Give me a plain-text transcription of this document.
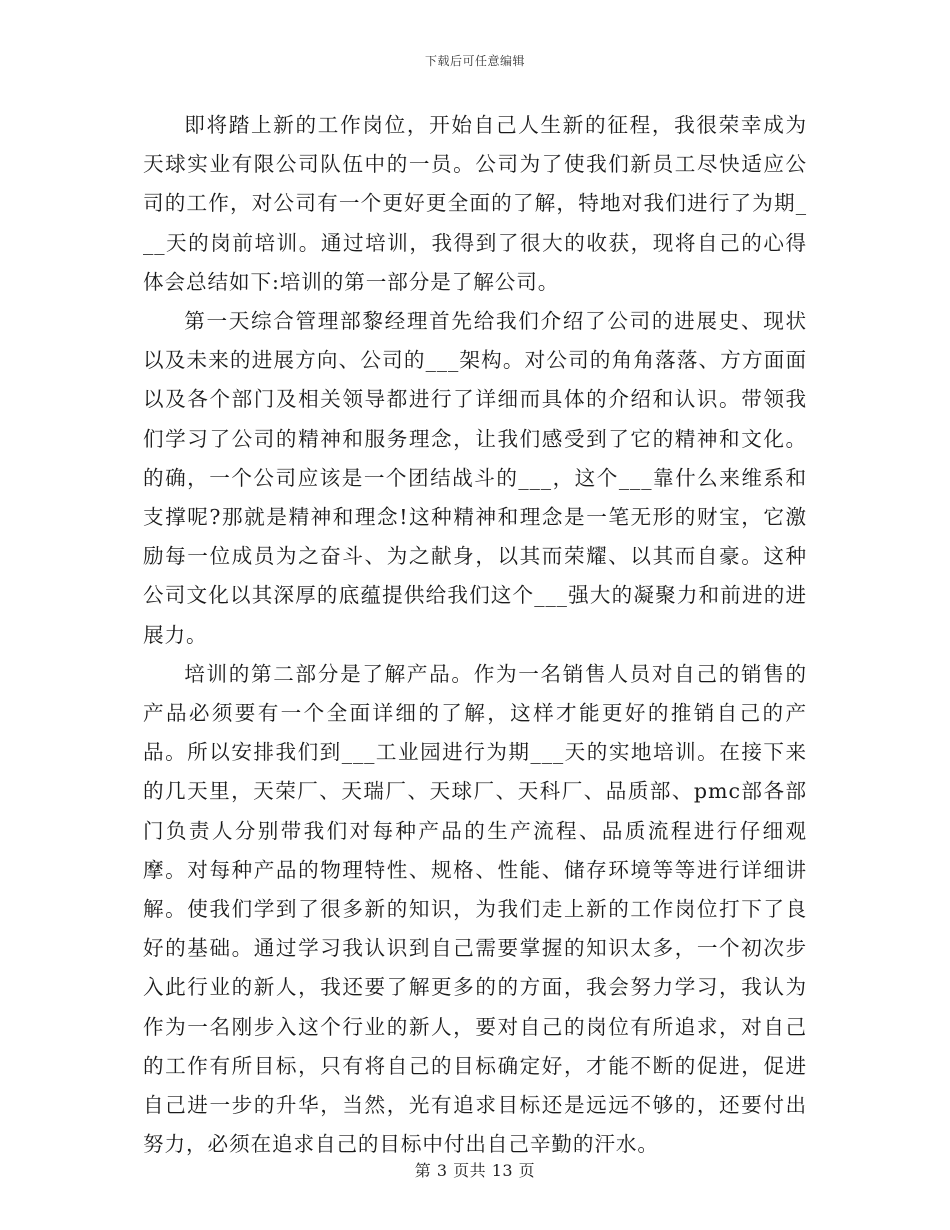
下载后可任意编辑

即将踏上新的工作岗位，开始自己人生新的征程，我很荣幸成为天球实业有限公司队伍中的一员。公司为了使我们新员工尽快适应公司的工作，对公司有一个更好更全面的了解，特地对我们进行了为期___天的岗前培训。通过培训，我得到了很大的收获，现将自己的心得体会总结如下:培训的第一部分是了解公司。

第一天综合管理部黎经理首先给我们介绍了公司的进展史、现状以及未来的进展方向、公司的___架构。对公司的角角落落、方方面面以及各个部门及相关领导都进行了详细而具体的介绍和认识。带领我们学习了公司的精神和服务理念，让我们感受到了它的精神和文化。的确，一个公司应该是一个团结战斗的___，这个___靠什么来维系和支撑呢?那就是精神和理念!这种精神和理念是一笔无形的财宝，它激励每一位成员为之奋斗、为之献身，以其而荣耀、以其而自豪。这种公司文化以其深厚的底蕴提供给我们这个___强大的凝聚力和前进的进展力。

培训的第二部分是了解产品。作为一名销售人员对自己的销售的产品必须要有一个全面详细的了解，这样才能更好的推销自己的产品。所以安排我们到___工业园进行为期___天的实地培训。在接下来的几天里，天荣厂、天瑞厂、天球厂、天科厂、品质部、pmc部各部门负责人分别带我们对每种产品的生产流程、品质流程进行仔细观摩。对每种产品的物理特性、规格、性能、储存环境等等进行详细讲解。使我们学到了很多新的知识，为我们走上新的工作岗位打下了良好的基础。通过学习我认识到自己需要掌握的知识太多，一个初次步入此行业的新人，我还要了解更多的的方面，我会努力学习，我认为作为一名刚步入这个行业的新人，要对自己的岗位有所追求，对自己的工作有所目标，只有将自己的目标确定好，才能不断的促进，促进自己进一步的升华，当然，光有追求目标还是远远不够的，还要付出努力，必须在追求自己的目标中付出自己辛勤的汗水。

第 3 页共 13 页
